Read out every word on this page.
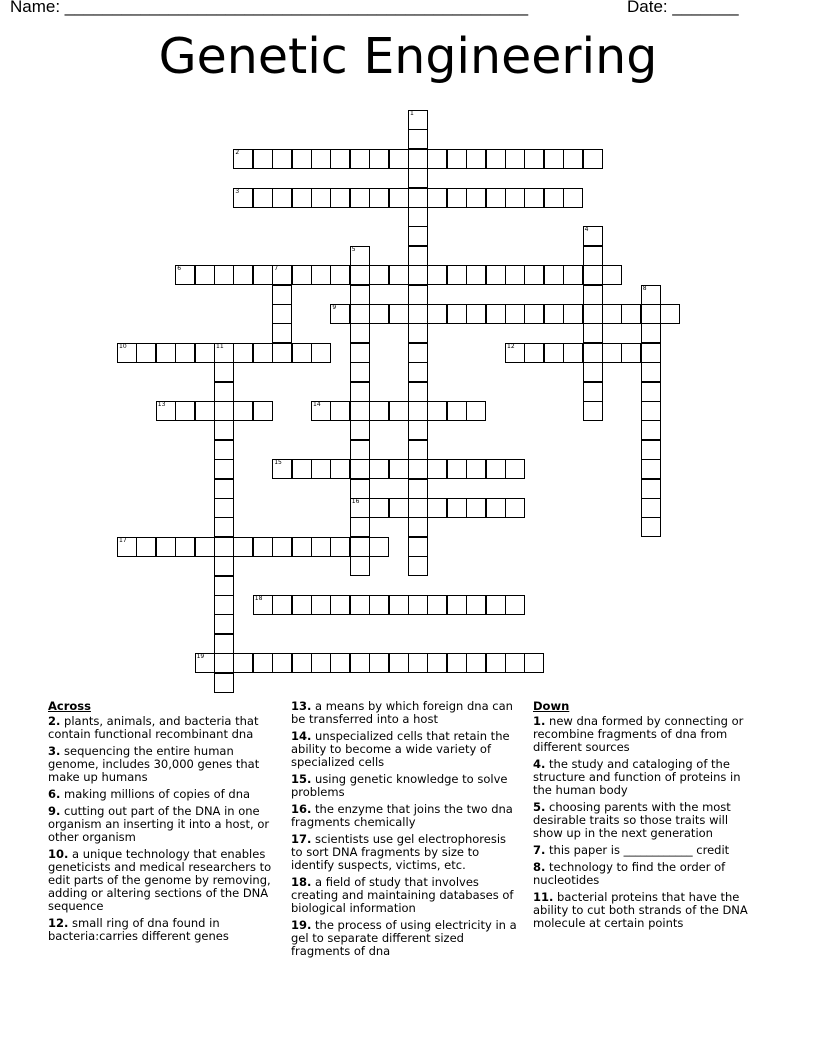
Name: _________________________________________________	Date: _______
Genetic Engineering
1
2
3
4
5
16
6	7
8
9
10	11	12
13	14
15
17
18
19
Across
2. plants, animals, and bacteria that contain functional recombinant dna
3. sequencing the entire human genome, includes 30,000 genes that make up humans
6. making millions of copies of dna
9. cutting out part of the DNA in one organism an inserting it into a host, or other organism
10. a unique technology that enables geneticists and medical researchers to edit parts of the genome by removing, adding or altering sections of the DNA sequence
12. small ring of dna found in bacteria:carries different genes
13. a means by which foreign dna can be transferred into a host
14. unspecialized cells that retain the ability to become a wide variety of specialized cells
15. using genetic knowledge to solve problems
16. the enzyme that joins the two dna fragments chemically
17. scientists use gel electrophoresis to sort DNA fragments by size to identify suspects, victims, etc.
18. a field of study that involves creating and maintaining databases of biological information
19. the process of using electricity in a gel to separate different sized fragments of dna
Down
1. new dna formed by connecting or recombine fragments of dna from different sources
4. the study and cataloging of the structure and function of proteins in the human body
5. choosing parents with the most desirable traits so those traits will show up in the next generation
7. this paper is ____________ credit
8. technology to find the order of nucleotides
11. bacterial proteins that have the ability to cut both strands of the DNA molecule at certain points
